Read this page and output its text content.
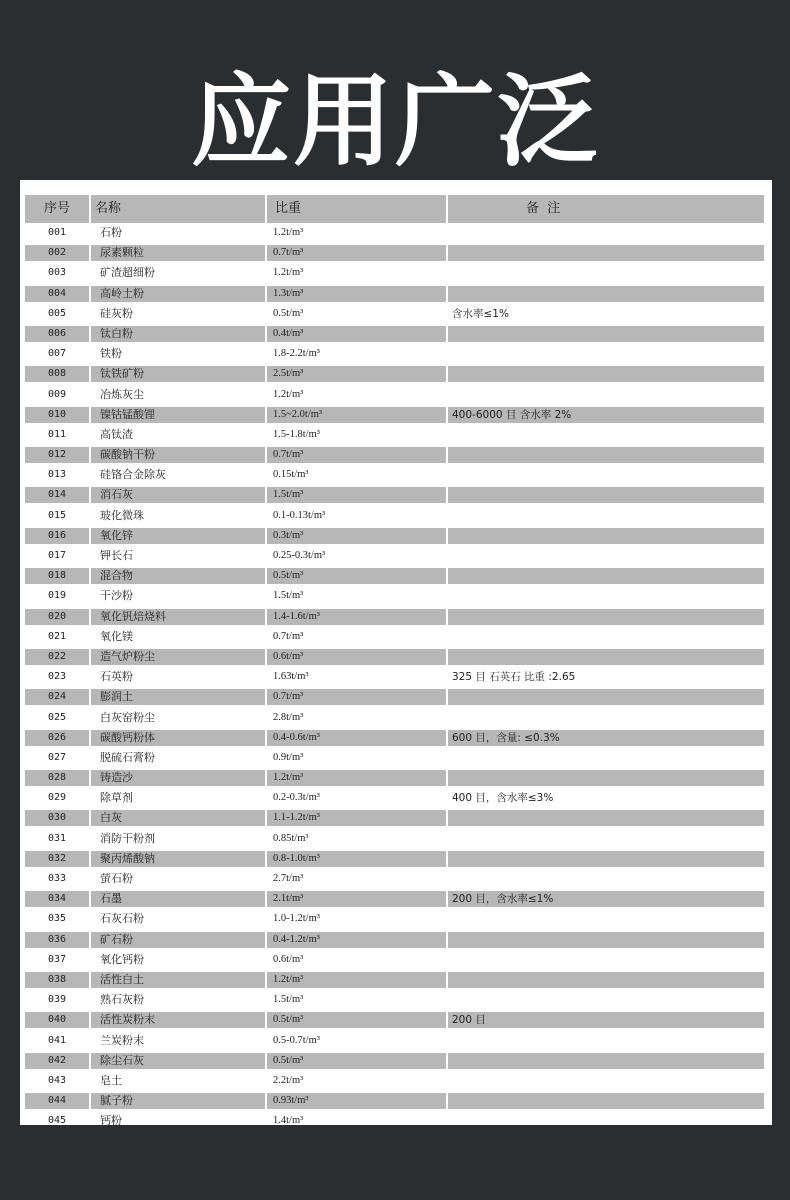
应用广泛
序号 名称	比重	备  注
001	石粉	1.2t/m³
002	尿素颗粒	0.7t/m³
003	矿渣超细粉	1.2t/m³
004	高岭土粉	1.3t/m³
005	硅灰粉	0.5t/m³	含水率≤1%
006	钛白粉	0.4t/m³
007	铁粉	1.8-2.2t/m³
008	钛铁矿粉	2.5t/m³
009	冶炼灰尘	1.2t/m³
010	镍钴锰酸锂	1.5~2.0t/m³	400-6000 目 含水率 2%
011	高钛渣	1.5-1.8t/m³
012	碳酸钠干粉	0.7t/m³
013	硅铬合金除灰	0.15t/m³
014	消石灰	1.5t/m³
015	玻化微珠	0.1-0.13t/m³
016	氧化锌	0.3t/m³
017	钾长石	0.25-0.3t/m³
018	混合物	0.5t/m³
019	干沙粉	1.5t/m³
020	氧化钒焙烧料	1.4-1.6t/m³
021	氧化镁	0.7t/m³
022	造气炉粉尘	0.6t/m³
023	石英粉	1.63t/m³	325 目 石英石 比重 :2.65
024	膨润土	0.7t/m³
025	白灰窑粉尘	2.8t/m³
026	碳酸钙粉体	0.4-0.6t/m³	600 目，含量: ≤0.3%
027	脱硫石膏粉	0.9t/m³
028	铸造沙	1.2t/m³
029	除草剂	0.2-0.3t/m³	400 目，含水率≤3%
030	白灰	1.1-1.2t/m³
031	消防干粉剂	0.85t/m³
032	聚丙烯酸钠	0.8-1.0t/m³
033	萤石粉	2.7t/m³
034	石墨	2.1t/m³	200 目，含水率≤1%
035	石灰石粉	1.0-1.2t/m³
036	矿石粉	0.4-1.2t/m³
037	氧化钙粉	0.6t/m³
038	活性白土	1.2t/m³
039	熟石灰粉	1.5t/m³
040	活性炭粉末	0.5t/m³	200 目
041	兰炭粉末	0.5-0.7t/m³
042	除尘石灰	0.5t/m³
043	皂土	2.2t/m³
044	腻子粉	0.93t/m³
045	钙粉	1.4t/m³
